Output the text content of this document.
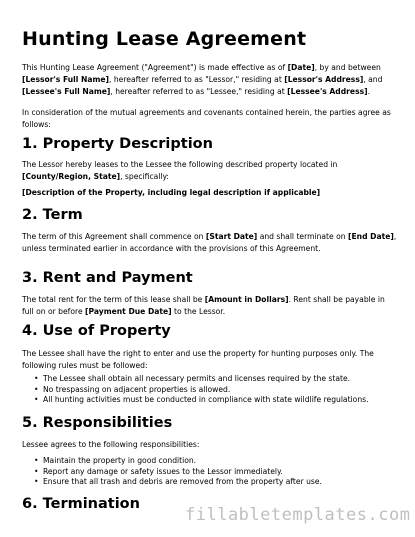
Hunting Lease Agreement

This Hunting Lease Agreement ("Agreement") is made effective as of [Date], by and between [Lessor's Full Name], hereafter referred to as "Lessor," residing at [Lessor's Address], and [Lessee's Full Name], hereafter referred to as "Lessee," residing at [Lessee's Address].

In consideration of the mutual agreements and covenants contained herein, the parties agree as follows:

1. Property Description

The Lessor hereby leases to the Lessee the following described property located in [County/Region, State], specifically:

[Description of the Property, including legal description if applicable]

2. Term

The term of this Agreement shall commence on [Start Date] and shall terminate on [End Date], unless terminated earlier in accordance with the provisions of this Agreement.

3. Rent and Payment

The total rent for the term of this lease shall be [Amount in Dollars]. Rent shall be payable in full on or before [Payment Due Date] to the Lessor.

4. Use of Property

The Lessee shall have the right to enter and use the property for hunting purposes only. The following rules must be followed:

• The Lessee shall obtain all necessary permits and licenses required by the state.
• No trespassing on adjacent properties is allowed.
• All hunting activities must be conducted in compliance with state wildlife regulations.
5. Responsibilities

Lessee agrees to the following responsibilities:

• Maintain the property in good condition.
• Report any damage or safety issues to the Lessor immediately.
• Ensure that all trash and debris are removed from the property after use.
6. Termination
fillabletemplates.com
